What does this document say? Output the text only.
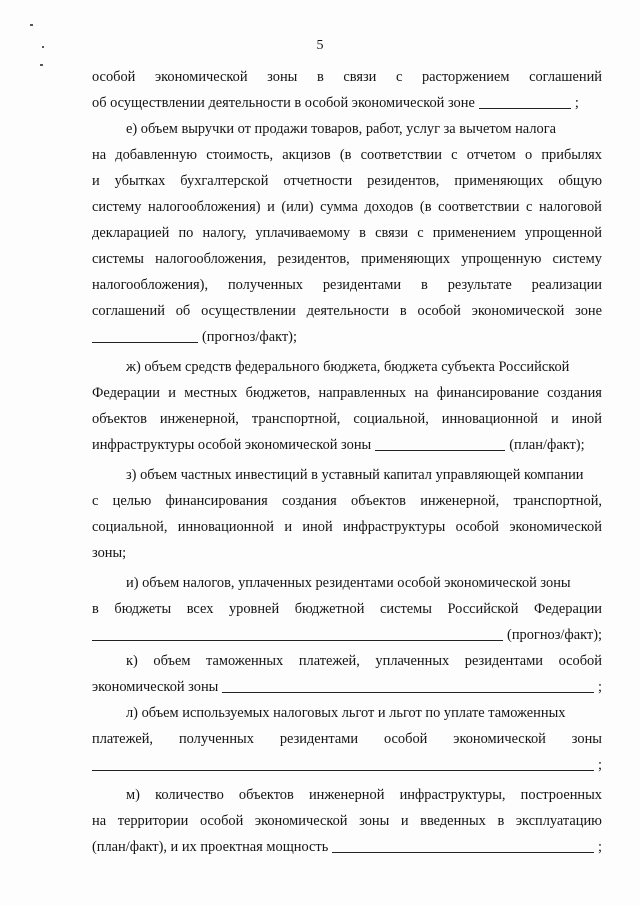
5
особой экономической зоны в связи с расторжением соглашений
об осуществлении деятельности в особой экономической зоне	;
е) объем выручки от продажи товаров, работ, услуг за вычетом налога
на добавленную стоимость, акцизов (в соответствии с отчетом о прибылях
и убытках бухгалтерской отчетности резидентов, применяющих общую
систему налогообложения) и (или) сумма доходов (в соответствии с налоговой
декларацией по налогу, уплачиваемому в связи с применением упрощенной
системы налогообложения, резидентов, применяющих упрощенную систему
налогообложения), полученных резидентами в результате реализации
соглашений об осуществлении деятельности в особой экономической зоне
(прогноз/факт);
ж) объем средств федерального бюджета, бюджета субъекта Российской
Федерации и местных бюджетов, направленных на финансирование создания
объектов инженерной, транспортной, социальной, инновационной и иной
инфраструктуры особой экономической зоны	(план/факт);
з) объем частных инвестиций в уставный капитал управляющей компании
с целью финансирования создания объектов инженерной, транспортной,
социальной, инновационной и иной инфраструктуры особой экономической
зоны;
и) объем налогов, уплаченных резидентами особой экономической зоны
в бюджеты всех уровней бюджетной системы Российской Федерации
(прогноз/факт);
к) объем таможенных платежей, уплаченных резидентами особой
экономической зоны	;
л) объем используемых налоговых льгот и льгот по уплате таможенных
платежей, полученных резидентами особой экономической зоны
;
м) количество объектов инженерной инфраструктуры, построенных
на территории особой экономической зоны и введенных в эксплуатацию
(план/факт), и их проектная мощность	;
